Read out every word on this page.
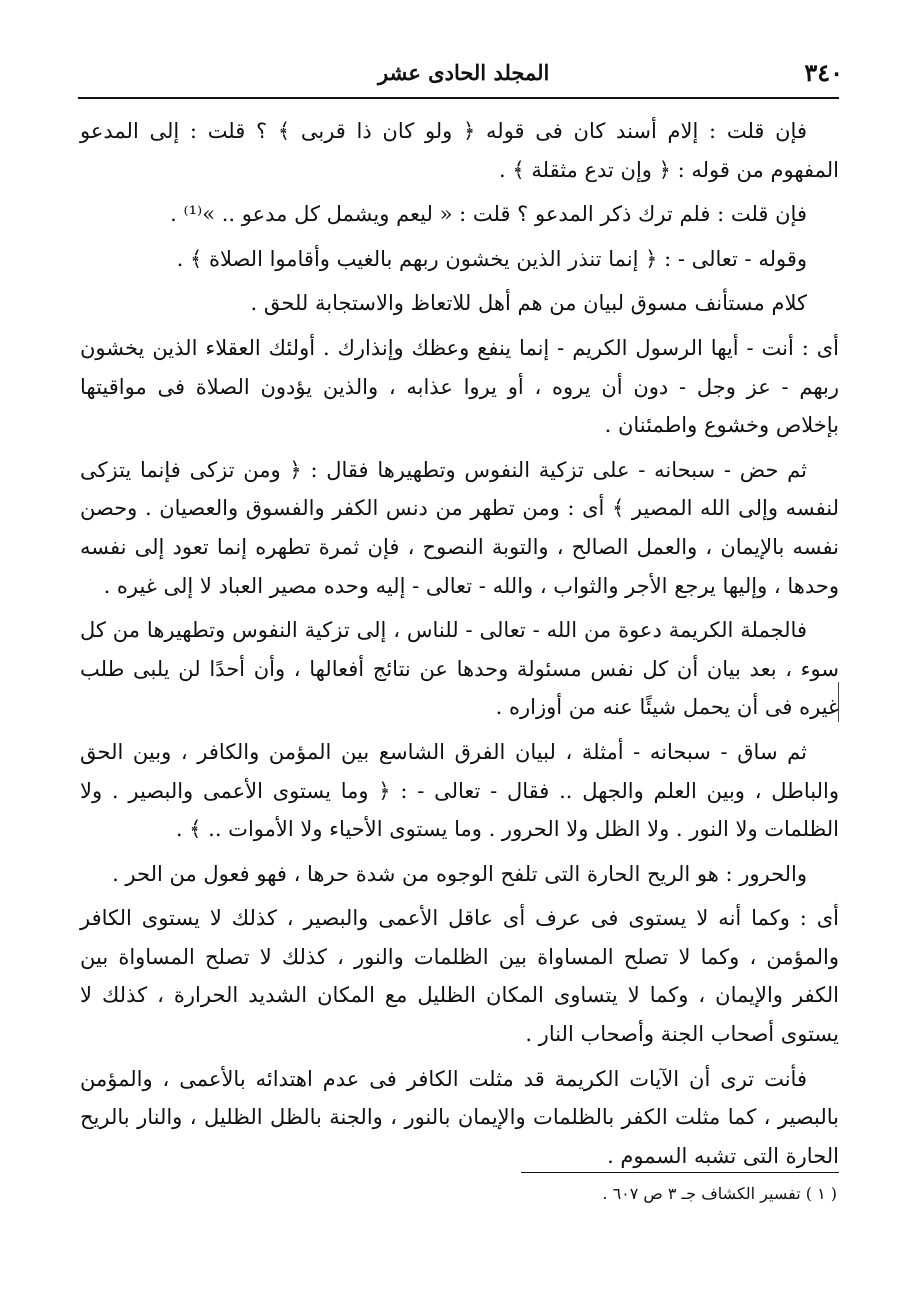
٣٤٠
المجلد الحادى عشر

فإن قلت : إلام أسند كان فى قوله ﴿ ولو كان ذا قربى ﴾ ؟ قلت : إلى المدعو المفهوم من قوله : ﴿ وإن تدع مثقلة ﴾ .

فإن قلت : فلم ترك ذكر المدعو ؟ قلت : « ليعم ويشمل كل مدعو .. »⁽¹⁾ .

وقوله - تعالى - : ﴿ إنما تنذر الذين يخشون ربهم بالغيب وأقاموا الصلاة ﴾ .

كلام مستأنف مسوق لبيان من هم أهل للاتعاظ والاستجابة للحق .

أى : أنت - أيها الرسول الكريم - إنما ينفع وعظك وإنذارك . أولئك العقلاء الذين يخشون ربهم - عز وجل - دون أن يروه ، أو يروا عذابه ، والذين يؤدون الصلاة فى مواقيتها بإخلاص وخشوع واطمئنان .

ثم حض - سبحانه - على تزكية النفوس وتطهيرها فقال : ﴿ ومن تزكى فإنما يتزكى لنفسه وإلى الله المصير ﴾ أى : ومن تطهر من دنس الكفر والفسوق والعصيان . وحصن نفسه بالإيمان ، والعمل الصالح ، والتوبة النصوح ، فإن ثمرة تطهره إنما تعود إلى نفسه وحدها ، وإليها يرجع الأجر والثواب ، والله - تعالى - إليه وحده مصير العباد لا إلى غيره .

فالجملة الكريمة دعوة من الله - تعالى - للناس ، إلى تزكية النفوس وتطهيرها من كل سوء ، بعد بيان أن كل نفس مسئولة وحدها عن نتائج أفعالها ، وأن أحدًا لن يلبى طلب غيره فى أن يحمل شيئًا عنه من أوزاره .

ثم ساق - سبحانه - أمثلة ، لبيان الفرق الشاسع بين المؤمن والكافر ، وبين الحق والباطل ، وبين العلم والجهل .. فقال - تعالى - : ﴿ وما يستوى الأعمى والبصير . ولا الظلمات ولا النور . ولا الظل ولا الحرور . وما يستوى الأحياء ولا الأموات .. ﴾ .

والحرور : هو الريح الحارة التى تلفح الوجوه من شدة حرها ، فهو فعول من الحر .

أى : وكما أنه لا يستوى فى عرف أى عاقل الأعمى والبصير ، كذلك لا يستوى الكافر والمؤمن ، وكما لا تصلح المساواة بين الظلمات والنور ، كذلك لا تصلح المساواة بين الكفر والإيمان ، وكما لا يتساوى المكان الظليل مع المكان الشديد الحرارة ، كذلك لا يستوى أصحاب الجنة وأصحاب النار .

فأنت ترى أن الآيات الكريمة قد مثلت الكافر فى عدم اهتدائه بالأعمى ، والمؤمن بالبصير ، كما مثلت الكفر بالظلمات والإيمان بالنور ، والجنة بالظل الظليل ، والنار بالريح الحارة التى تشبه السموم .

( ١ ) تفسير الكشاف جـ ٣ ص ٦٠٧ .
